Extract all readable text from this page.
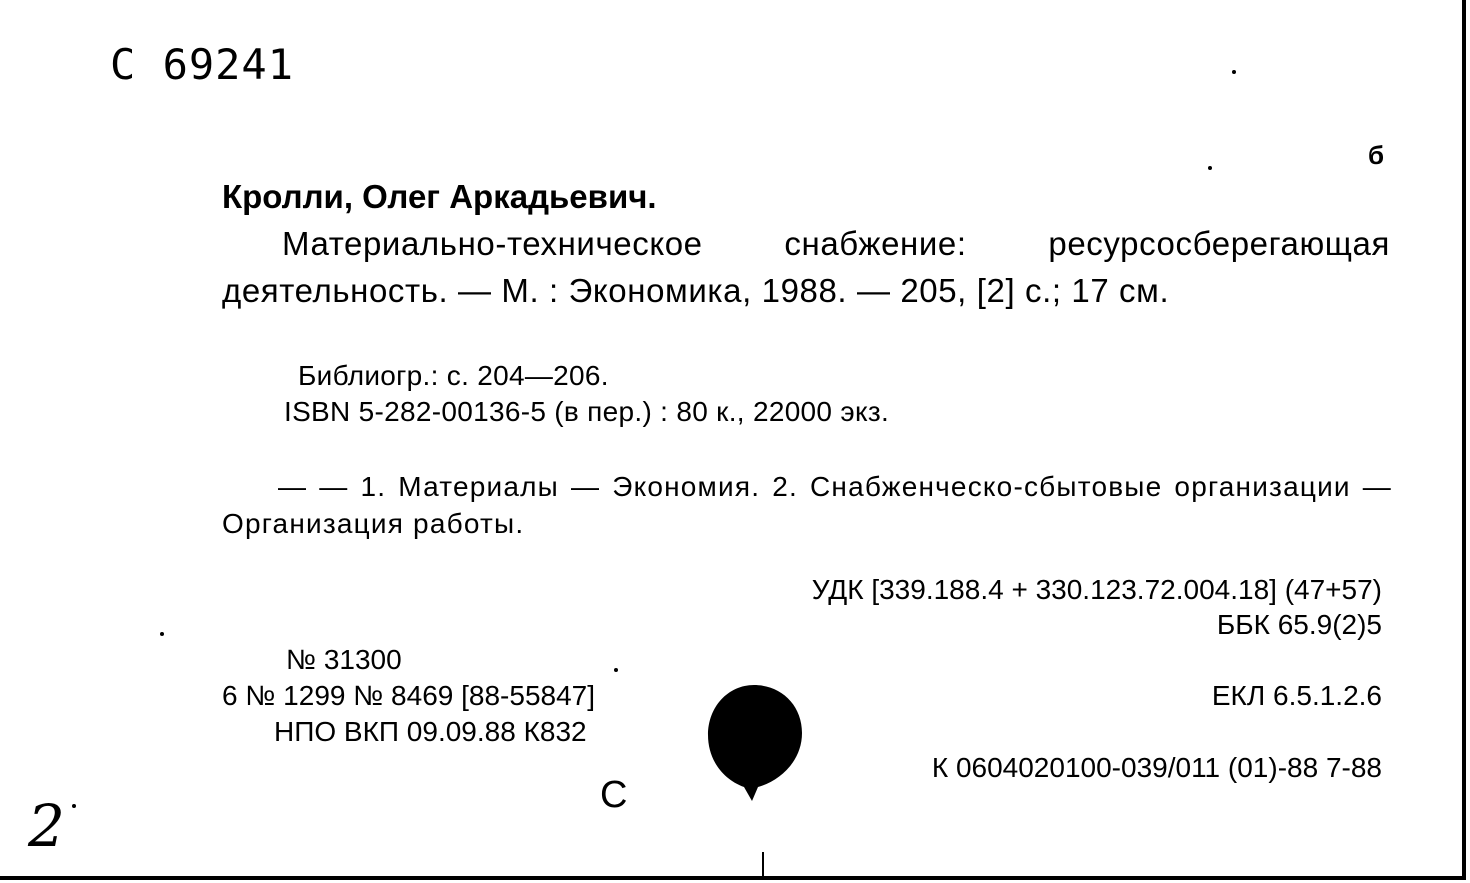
С 69241
б
Кролли, Олег Аркадьевич.
Материально-техническое снабжение: ресурсосберегающая деятельность. — М. : Экономика, 1988. — 205, [2] с.; 17 см.
Библиогр.: с. 204—206.
ISBN 5-282-00136-5 (в пер.) : 80 к., 22000 экз.
— — 1. Материалы — Экономия. 2. Снабженческо-сбытовые организации — Организация работы.
УДК [339.188.4 + 330.123.72.004.18] (47+57)
ББК 65.9(2)5
№ 31300
6 № 1299 № 8469 [88-55847]
НПО ВКП 09.09.88 К832
ЕКЛ 6.5.1.2.6
К 0604020100-039/011 (01)-88 7-88
С
2
